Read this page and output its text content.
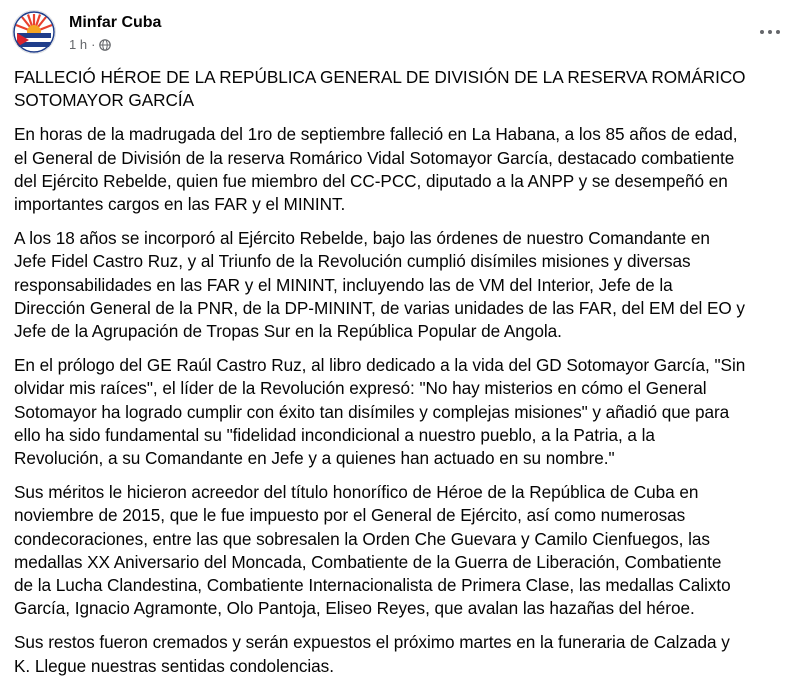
Minfar Cuba
1 h ·

FALLECIÓ HÉROE DE LA REPÚBLICA GENERAL DE DIVISIÓN DE LA RESERVA ROMÁRICO
SOTOMAYOR GARCÍA

En horas de la madrugada del 1ro de septiembre falleció en La Habana, a los 85 años de edad,
el General de División de la reserva Romárico Vidal Sotomayor García, destacado combatiente
del Ejército Rebelde, quien fue miembro del CC-PCC, diputado a la ANPP y se desempeñó en
importantes cargos en las FAR y el MININT.

A los 18 años se incorporó al Ejército Rebelde, bajo las órdenes de nuestro Comandante en
Jefe Fidel Castro Ruz, y al Triunfo de la Revolución cumplió disímiles misiones y diversas
responsabilidades en las FAR y el MININT, incluyendo las de VM del Interior, Jefe de la
Dirección General de la PNR, de la DP-MININT, de varias unidades de las FAR, del EM del EO y
Jefe de la Agrupación de Tropas Sur en la República Popular de Angola.

En el prólogo del GE Raúl Castro Ruz, al libro dedicado a la vida del GD Sotomayor García, "Sin
olvidar mis raíces", el líder de la Revolución expresó: "No hay misterios en cómo el General
Sotomayor ha logrado cumplir con éxito tan disímiles y complejas misiones" y añadió que para
ello ha sido fundamental su "fidelidad incondicional a nuestro pueblo, a la Patria, a la
Revolución, a su Comandante en Jefe y a quienes han actuado en su nombre."

Sus méritos le hicieron acreedor del título honorífico de Héroe de la República de Cuba en
noviembre de 2015, que le fue impuesto por el General de Ejército, así como numerosas
condecoraciones, entre las que sobresalen la Orden Che Guevara y Camilo Cienfuegos, las
medallas XX Aniversario del Moncada, Combatiente de la Guerra de Liberación, Combatiente
de la Lucha Clandestina, Combatiente Internacionalista de Primera Clase, las medallas Calixto
García, Ignacio Agramonte, Olo Pantoja, Eliseo Reyes, que avalan las hazañas del héroe.

Sus restos fueron cremados y serán expuestos el próximo martes en la funeraria de Calzada y
K. Llegue nuestras sentidas condolencias.
